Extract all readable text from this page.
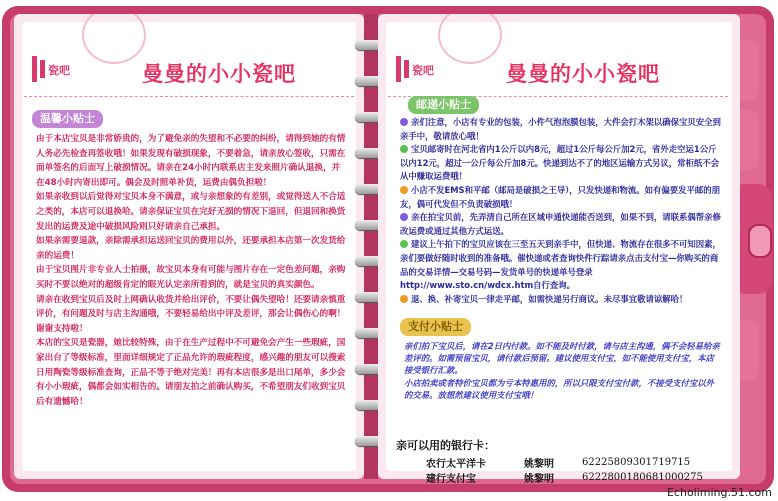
瓷吧	曼曼的小小瓷吧
温馨小贴士

由于本店宝贝是非常娇贵的，为了避免亲的失望和不必要的纠纷，请得到她的有情人务必先检查再签收哦！如果发现有破损现象，不要着急，请亲放心签收，只需在面单签名的后面写上破损情况。请亲在24小时内联系店主发来照片确认退换，并在48小时内寄出即可。偶会及时照单补货，运费由偶负担啦！

如果亲收到以后觉得对宝贝本身不满意，或与亲想象的有差别，或觉得送人不合适之类的，本店可以退换哈。请亲保证宝贝在完好无损的情况下退回，但退回和换货发出的运费及途中破损风险则只好请亲自己承担。

如果亲需要退款，亲除需承担运送回宝贝的费用以外，还要承担本店第一次发货给亲的运费！

由于宝贝图片非专业人士拍摄，故宝贝本身有可能与图片存在一定色差问题，亲购买时不要以绝对的超级肯定的眼光认定亲所看到的，就是宝贝的真实颜色。

请亲在收到宝贝后及时上网确认收货并给出评价，不要让偶失望哈！还要请亲慎重评价，有问题及时与店主沟通哦，不要轻易给出中评及差评，那会让偶伤心的啊！谢谢支持啦！

本店的宝贝是瓷器，她比较特殊，由于在生产过程中不可避免会产生一些瑕疵，国家出台了等级标准，里面详细规定了正品允许的瑕疵程度，感兴趣的朋友可以搜索日用陶瓷等级标准查询，正品不等于绝对完美！再有本店很多是出口尾单，多少会有小小瑕疵，偶都会如实相告的。请朋友拍之前确认购买，不希望朋友们收到宝贝后有遗憾哈！

瓷吧	曼曼的小小瓷吧
邮递小贴士

亲们注意，小店有专业的包装，小件气泡泡膜包装，大件会打木架以确保宝贝安全到亲手中，敬请放心哦！

宝贝邮寄时在河北省内1公斤以内8元，超过1公斤每公斤加2元，省外走空运1公斤以内12元，超过一公斤每公斤加8元。快递到达不了的地区运输方式另议，常柜纸不会从中赚取运费哦！

小店不发EMS和平邮（邮局是破损之王导），只发快递和物流。如有偏要发平邮的朋友，偶可代发但不负责破损哦！

亲在拍宝贝前，先弄清自己所在区域申通快递能否送到，如果不到，请联系偶帮亲修改运费或通过其他方式运送。

建议上午拍下的宝贝应该在三至五天到亲手中，但快递、物流存在很多不可知因素，亲们要做好随时收到的准备哦。催快递或者查询快件行踪请亲点击支付宝—你购买的商品的交易详情—交易号码—发货单号的快递单号登录http://www.sto.cn/wdcx.htm自行查询。

退、换、补寄宝贝一律走平邮，如需快递另行商议。未尽事宜敬请谅解哈！

支付小贴士

亲们拍下宝贝后，请在2日内付款。如不能及时付款，请与店主沟通，偶不会轻易给亲差评的。如需预留宝贝，请付款后预留。建议使用支付宝，如不能使用支付宝，本店接受银行汇款。

小店拍卖或者特价宝贝都为亏本特惠用的，所以只限支付宝付款，不接受支付宝以外的交易。放想然建议使用支付宝哦！

亲可以用的银行卡：
农行太平洋卡	姚黎明	62225809301719715
建行支付宝	姚黎明	6222800180681000275
Echoliming.51.com
